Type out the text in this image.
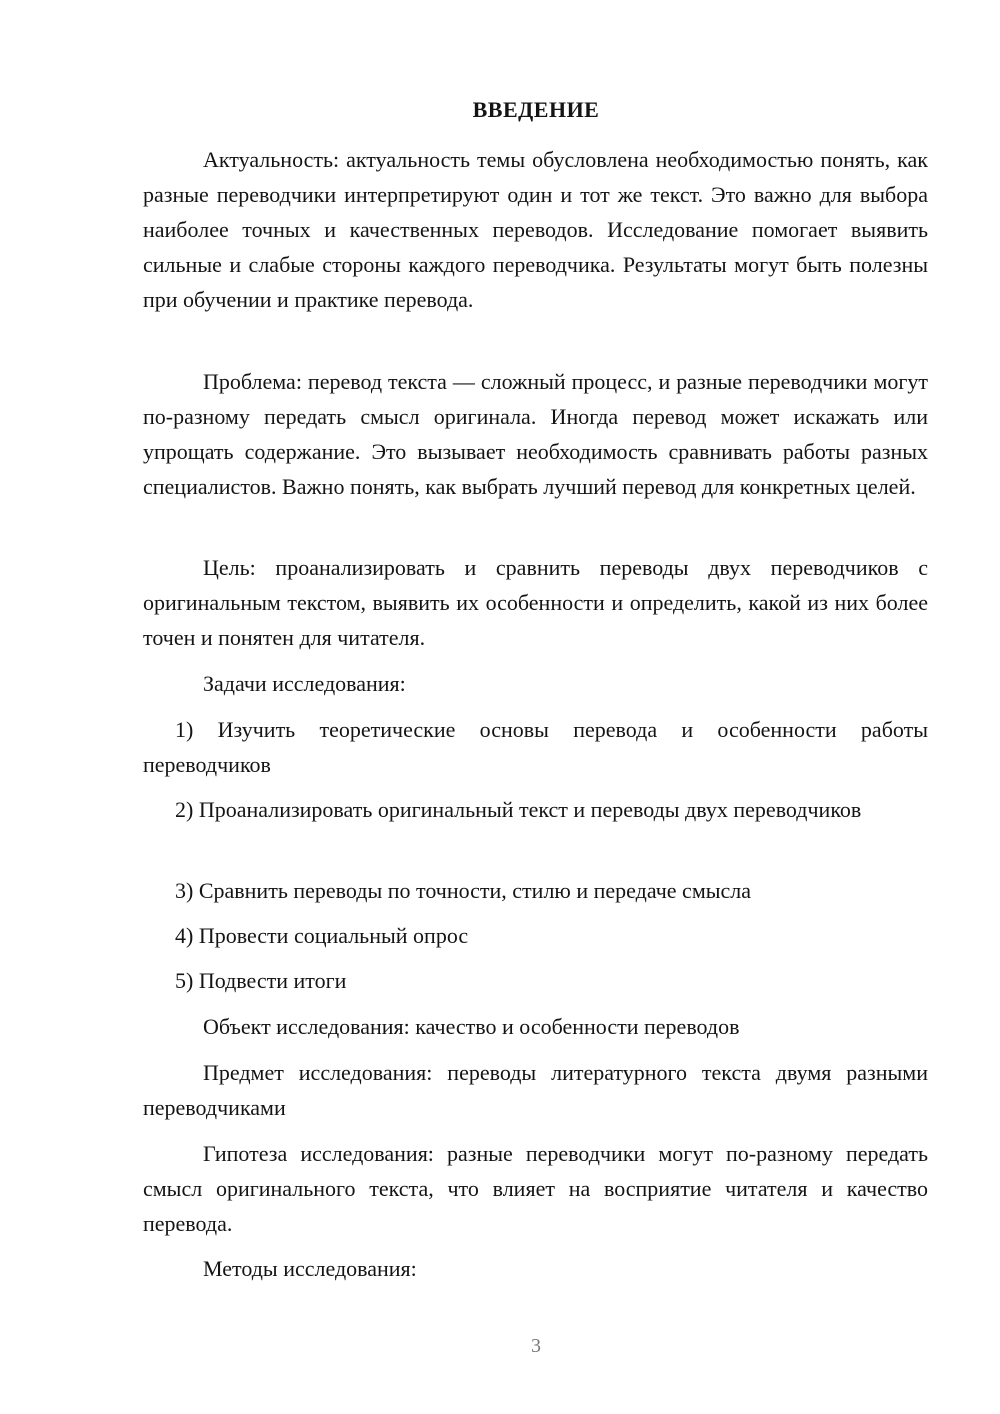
ВВЕДЕНИЕ

Актуальность: актуальность темы обусловлена необходимостью понять, как разные переводчики интерпретируют один и тот же текст. Это важно для выбора наиболее точных и качественных переводов. Исследование помогает выявить сильные и слабые стороны каждого переводчика. Результаты могут быть полезны при обучении и практике перевода.

Проблема: перевод текста — сложный процесс, и разные переводчики могут по-разному передать смысл оригинала. Иногда перевод может искажать или упрощать содержание. Это вызывает необходимость сравнивать работы разных специалистов. Важно понять, как выбрать лучший перевод для конкретных целей.

Цель: проанализировать и сравнить переводы двух переводчиков с оригинальным текстом, выявить их особенности и определить, какой из них более точен и понятен для читателя.

Задачи исследования:

1) Изучить теоретические основы перевода и особенности работы переводчиков

2) Проанализировать оригинальный текст и переводы двух переводчиков

3) Сравнить переводы по точности, стилю и передаче смысла

4) Провести социальный опрос

5) Подвести итоги

Объект исследования: качество и особенности переводов

Предмет исследования: переводы литературного текста двумя разными переводчиками

Гипотеза исследования: разные переводчики могут по-разному передать смысл оригинального текста, что влияет на восприятие читателя и качество перевода.

Методы исследования:

3
